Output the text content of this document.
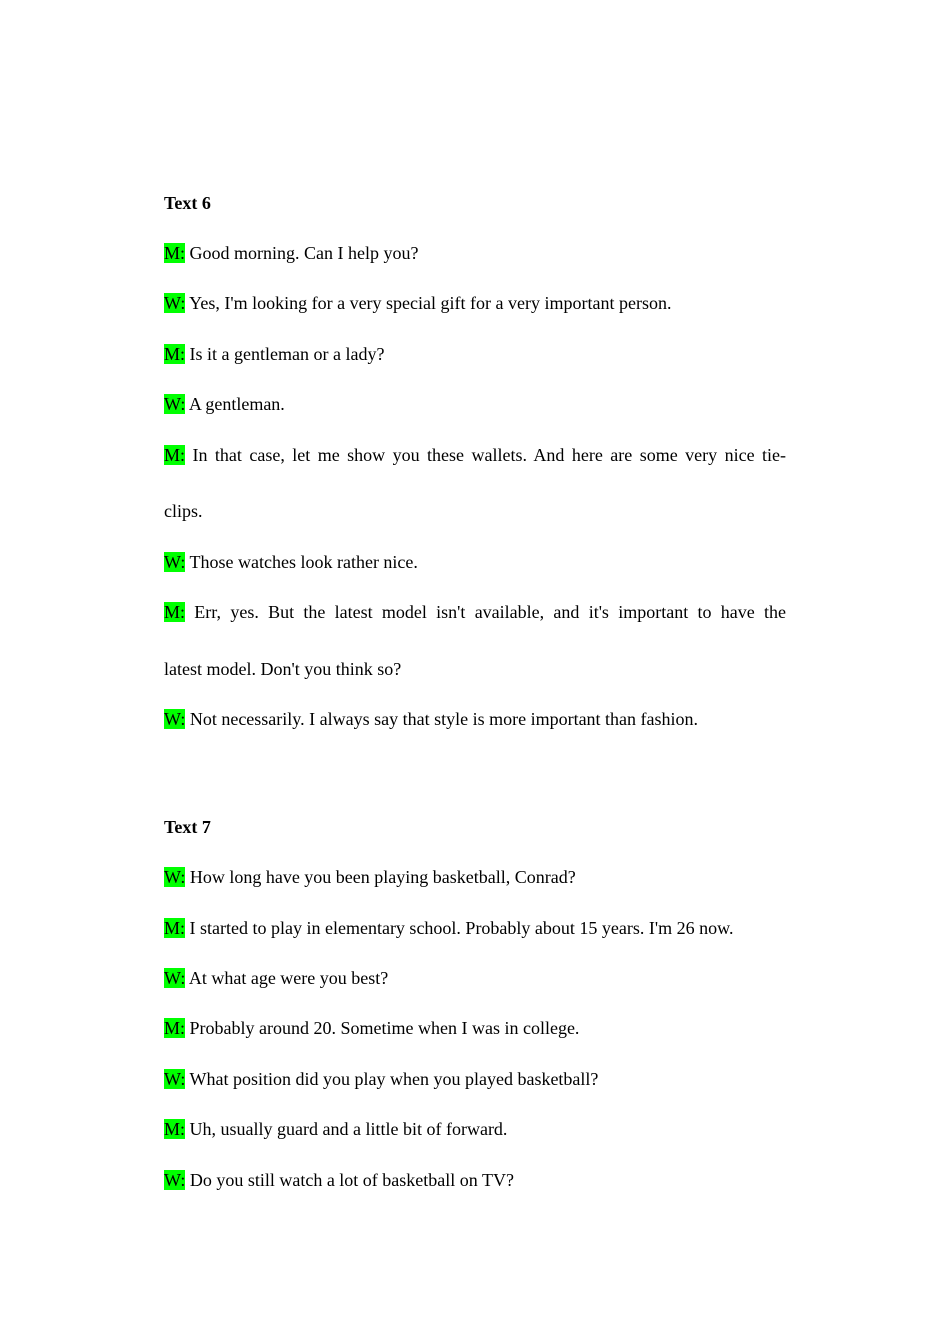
Text 6

M: Good morning. Can I help you?

W: Yes, I'm looking for a very special gift for a very important person.

M: Is it a gentleman or a lady?

W: A gentleman.

M: In that case, let me show you these wallets. And here are some very nice tie-

clips.

W: Those watches look rather nice.

M: Err, yes. But the latest model isn't available, and it's important to have the

latest model. Don't you think so?

W: Not necessarily. I always say that style is more important than fashion.

Text 7

W: How long have you been playing basketball, Conrad?

M: I started to play in elementary school. Probably about 15 years. I'm 26 now.

W: At what age were you best?

M: Probably around 20. Sometime when I was in college.

W: What position did you play when you played basketball?

M: Uh, usually guard and a little bit of forward.

W: Do you still watch a lot of basketball on TV?
